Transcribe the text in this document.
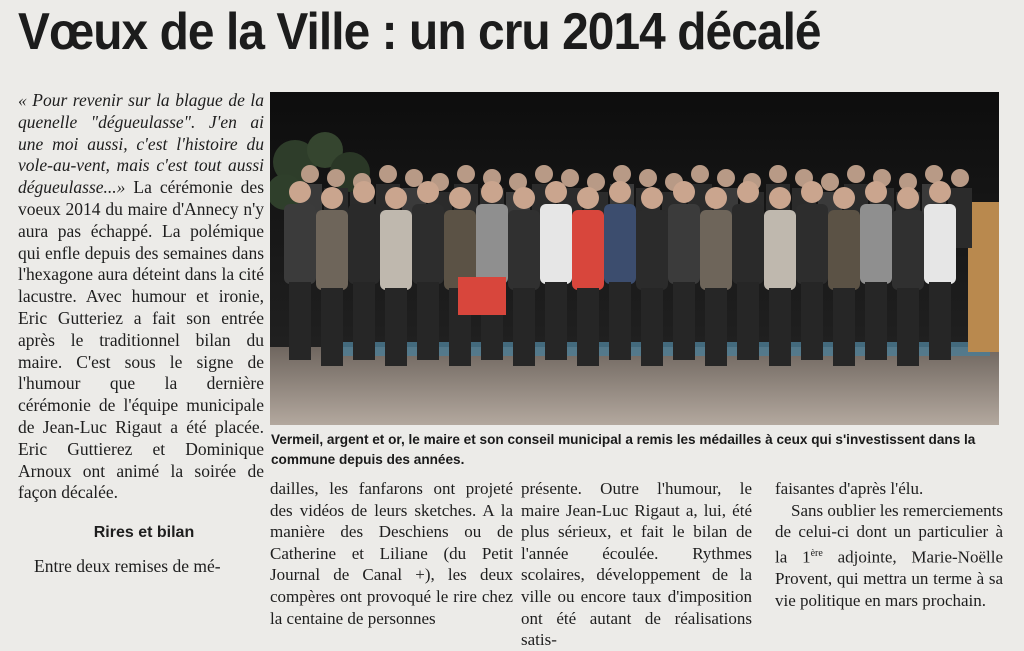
Vœux de la Ville : un cru 2014 décalé

« Pour revenir sur la blague de la quenelle "dégueulasse". J'en ai une moi aussi, c'est l'histoire du vole-au-vent, mais c'est tout aussi dégueulasse...» La cérémonie des voeux 2014 du maire d'Annecy n'y aura pas échappé. La polémique qui enfle depuis des semaines dans l'hexagone aura déteint dans la cité lacustre. Avec humour et ironie, Eric Gutteriez a fait son entrée après le traditionnel bilan du maire. C'est sous le signe de l'humour que la dernière cérémonie de l'équipe municipale de Jean-Luc Rigaut a été placée. Eric Guttierez et Dominique Arnoux ont animé la soirée de façon décalée.

Rires et bilan

Entre deux remises de mé-

Vermeil, argent et or, le maire et son conseil municipal a remis les médailles à ceux qui s'investissent dans la commune depuis des années.

dailles, les fanfarons ont projeté des vidéos de leurs sketches. A la manière des Deschiens ou de Catherine et Liliane (du Petit Journal de Canal +), les deux compères ont provoqué le rire chez la centaine de personnes

présente. Outre l'humour, le maire Jean-Luc Rigaut a, lui, été plus sérieux, et fait le bilan de l'année écoulée. Rythmes scolaires, développement de la ville ou encore taux d'imposition ont été autant de réalisations satis-

faisantes d'après l'élu.

Sans oublier les remerciements de celui-ci dont un particulier à la 1ère adjointe, Marie-Noëlle Provent, qui mettra un terme à sa vie politique en mars prochain.
